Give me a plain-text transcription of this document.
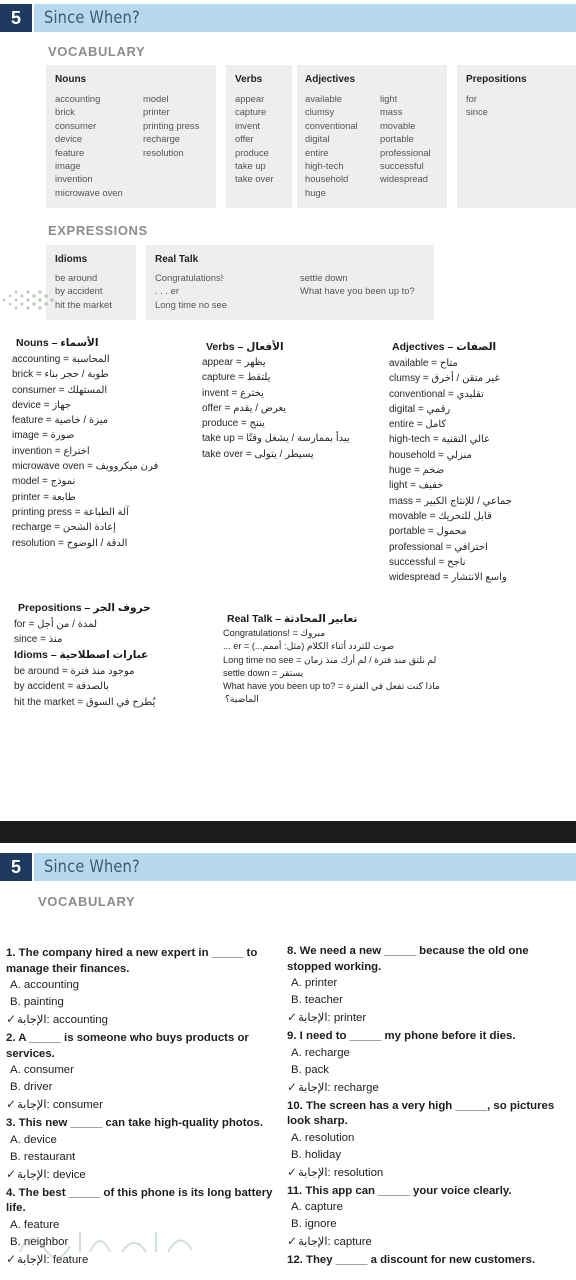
5	Since When?
VOCABULARY
Nouns
accounting
brick
consumer
device
feature
image
invention
microwave oven
model
printer
printing press
recharge
resolution
Verbs
appear
capture
invent
offer
produce
take up
take over
Adjectives
available
clumsy
conventional
digital
entire
high-tech
household
huge
light
mass
movable
portable
professional
successful
widespread
Prepositions
for
since
EXPRESSIONS
Idioms
be around
by accident
hit the market
Real Talk
Congratulations!
. . . er
Long time no see
settle down
What have you been up to?
Nouns – الأسماء
accounting = المحاسبة
brick = طوبة / حجر بناء
consumer = المستهلك
device = جهاز
feature = ميزة / خاصية
image = صورة
invention = اختراع
microwave oven = فرن ميكروويف
model = نموذج
printer = طابعة
printing press = آلة الطباعة
recharge = إعادة الشحن
resolution = الدقة / الوضوح
Verbs – الأفعال
appear = يظهر
capture = يلتقط
invent = يخترع
offer = يعرض / يقدم
produce = ينتج
take up = يبدأ بممارسة / يشغل وقتًا
take over = يسيطر / يتولى
Adjectives – الصفات
available = متاح
clumsy = غير متقن / أخرق
conventional = تقليدي
digital = رقمي
entire = كامل
high-tech = عالي التقنية
household = منزلي
huge = ضخم
light = خفيف
mass = جماعي / للإنتاج الكبير
movable = قابل للتحريك
portable = محمول
professional = احترافي
successful = ناجح
widespread = واسع الانتشار
Prepositions – حروف الجر
for = لمدة / من أجل
since = منذ
Idioms – عبارات اصطلاحية
be around = موجود منذ فترة
by accident = بالصدفة
hit the market = يُطرح في السوق
Real Talk – تعابير المحادثة
Congratulations! = مبروك
... er = (...صوت للتردد أثناء الكلام (مثل: أممم
Long time no see = لم نلتق منذ فترة / لم أرك منذ زمان
settle down = يستقر
What have you been up to? = ماذا كنت تفعل في الفترة
الماضية؟
5	Since When?
VOCABULARY
1. The company hired a new expert in _____ to manage their finances.
A. accounting
B. painting
✓الإجابة: accounting
2. A _____ is someone who buys products or services.
A. consumer
B. driver
✓الإجابة: consumer
3. This new _____ can take high-quality photos.
A. device
B. restaurant
✓الإجابة: device
4. The best _____ of this phone is its long battery life.
A. feature
B. neighbor
✓الإجابة: feature
8. We need a new _____ because the old one stopped working.
A. printer
B. teacher
✓الإجابة: printer
9. I need to _____ my phone before it dies.
A. recharge
B. pack
✓الإجابة: recharge
10. The screen has a very high _____, so pictures look sharp.
A. resolution
B. holiday
✓الإجابة: resolution
11. This app can _____ your voice clearly.
A. capture
B. ignore
✓الإجابة: capture
12. They _____ a discount for new customers.
